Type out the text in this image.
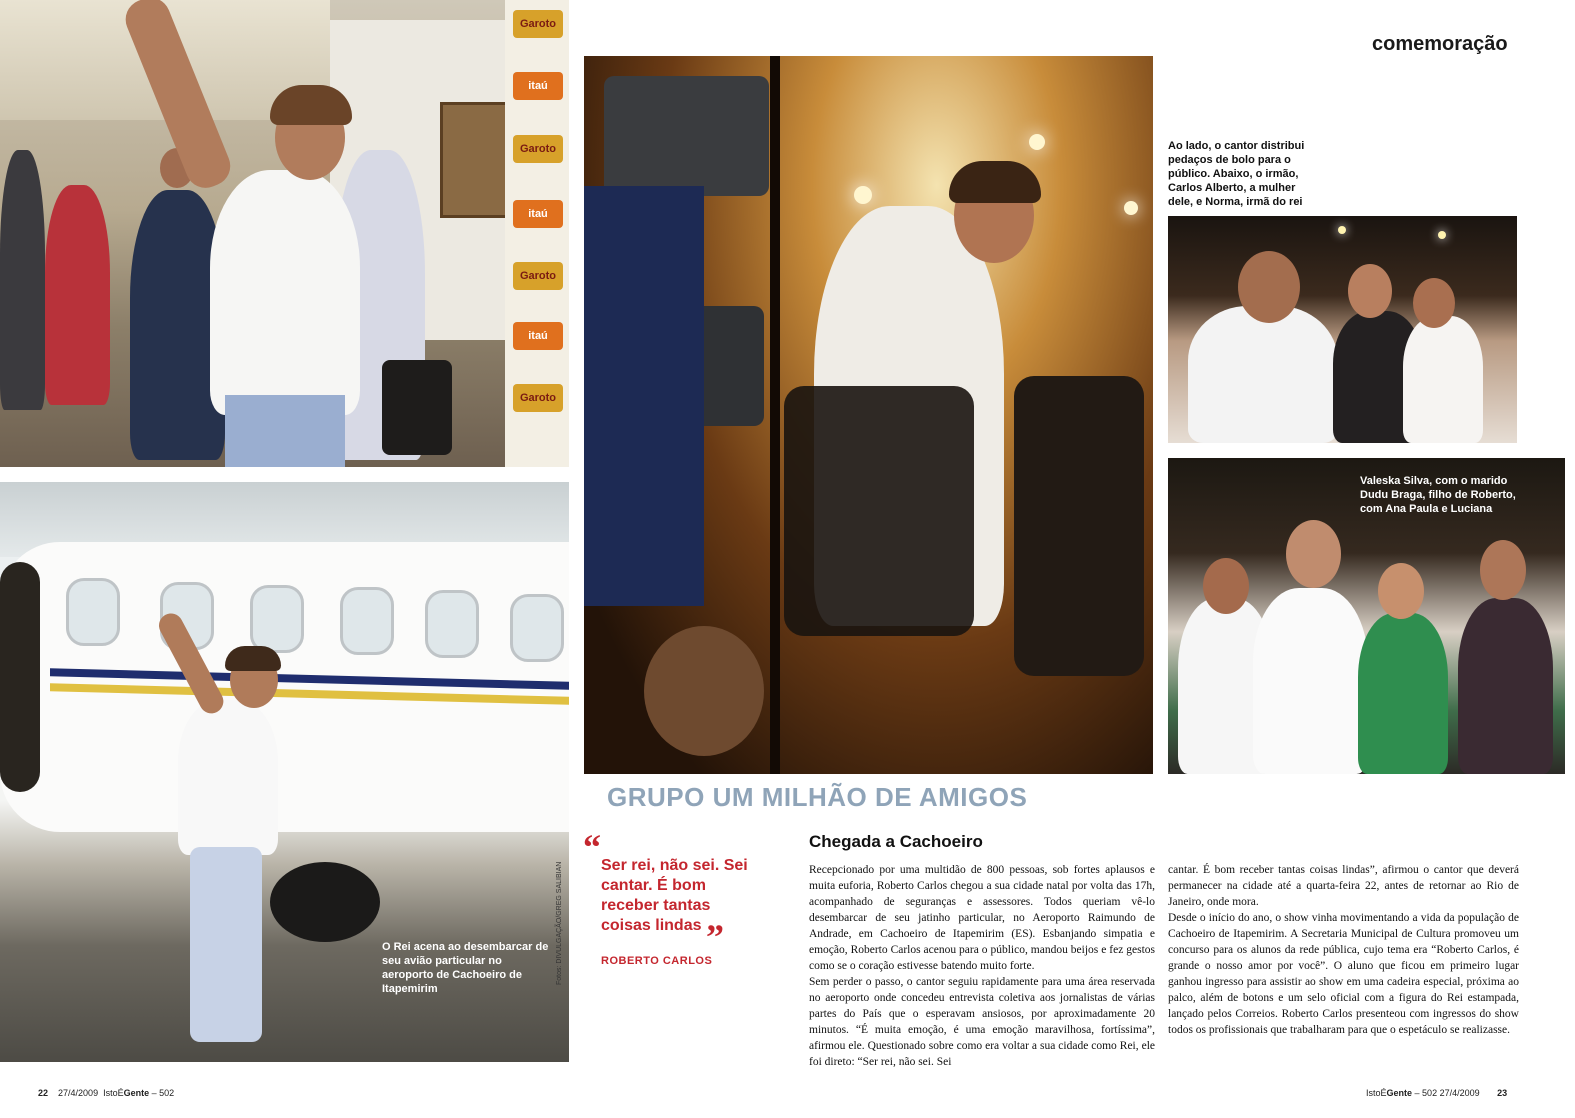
Garoto
itaú
Garoto
itaú
Garoto
itaú
Garoto
O Rei acena ao desembarcar de seu avião particular no aeroporto de Cachoeiro de Itapemirim
Fotos: DIVULGAÇÃO/GREG SALIBIAN
comemoração
Ao lado, o cantor distribui pedaços de bolo para o público. Abaixo, o irmão, Carlos Alberto, a mulher dele, e Norma, irmã do rei
Valeska Silva, com o marido Dudu Braga, filho de Roberto, com Ana Paula e Luciana
GRUPO UM MILHÃO DE AMIGOS
“ Ser rei, não sei. Sei cantar. É bom receber tantas coisas lindas ”
ROBERTO CARLOS
Chegada a Cachoeiro

Recepcionado por uma multidão de 800 pessoas, sob fortes aplausos e muita euforia, Roberto Carlos chegou a sua cidade natal por volta das 17h, acompanhado de seguranças e assessores. Todos queriam vê-lo desembarcar de seu jatinho particular, no Aeroporto Raimundo de Andrade, em Cachoeiro de Itapemirim (ES). Esbanjando simpatia e emoção, Roberto Carlos acenou para o público, mandou beijos e fez gestos como se o coração estivesse batendo muito forte.

Sem perder o passo, o cantor seguiu rapidamente para uma área reservada no aeroporto onde concedeu entrevista coletiva aos jornalistas de várias partes do País que o esperavam ansiosos, por aproximadamente 20 minutos. “É muita emoção, é uma emoção maravilhosa, fortíssima”, afirmou ele. Questionado sobre como era voltar a sua cidade como Rei, ele foi direto: “Ser rei, não sei. Sei

cantar. É bom receber tantas coisas lindas”, afirmou o cantor que deverá permanecer na cidade até a quarta-feira 22, antes de retornar ao Rio de Janeiro, onde mora.

Desde o início do ano, o show vinha movimentando a vida da população de Cachoeiro de Itapemirim. A Secretaria Municipal de Cultura promoveu um concurso para os alunos da rede pública, cujo tema era “Roberto Carlos, é grande o nosso amor por você”. O aluno que ficou em primeiro lugar ganhou ingresso para assistir ao show em uma cadeira especial, próxima ao palco, além de botons e um selo oficial com a figura do Rei estampada, lançado pelos Correios. Roberto Carlos presenteou com ingressos do show todos os profissionais que trabalharam para que o espetáculo se realizasse.

22 27/4/2009 IstoÉGente – 502	IstoÉGente – 502 27/4/2009 23
